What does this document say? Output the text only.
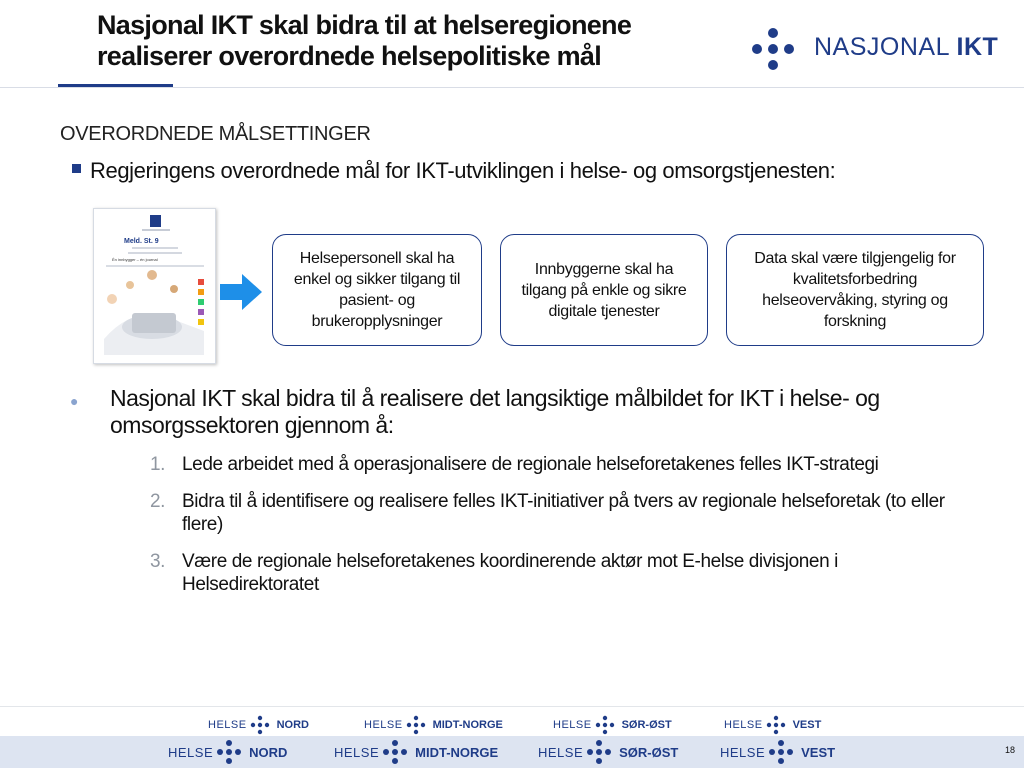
Nasjonal IKT skal bidra til at helseregionene
realiserer overordnede helsepolitiske mål	NASJONAL IKT
OVERORDNEDE MÅLSETTINGER
Regjeringens overordnede mål for IKT-utviklingen i helse- og omsorgstjenesten:
Meld. St. 9
Én innbygger – én journal	Helsepersonell skal ha enkel og sikker tilgang til pasient- og brukeropplysninger
Innbyggerne skal ha tilgang på enkle og sikre digitale tjenester
Data skal være tilgjengelig for kvalitetsforbedring helseovervåking, styring og forskning
● Nasjonal IKT skal bidra til å realisere det langsiktige målbildet for IKT i helse- og omsorgssektoren gjennom å:
1. Lede arbeidet med å operasjonalisere de regionale helseforetakenes felles IKT-strategi
2. Bidra til å identifisere og realisere felles IKT-initiativer på tvers av regionale helseforetak (to eller flere)
3. Være de regionale helseforetakenes koordinerende aktør mot E-helse divisjonen i Helsedirektoratet
HELSE	NORD	HELSE	MIDT-NORGE	HELSE	SØR-ØST	HELSE	VEST
HELSE	NORD	HELSE	MIDT-NORGE	HELSE	SØR-ØST	HELSE	VEST	18
